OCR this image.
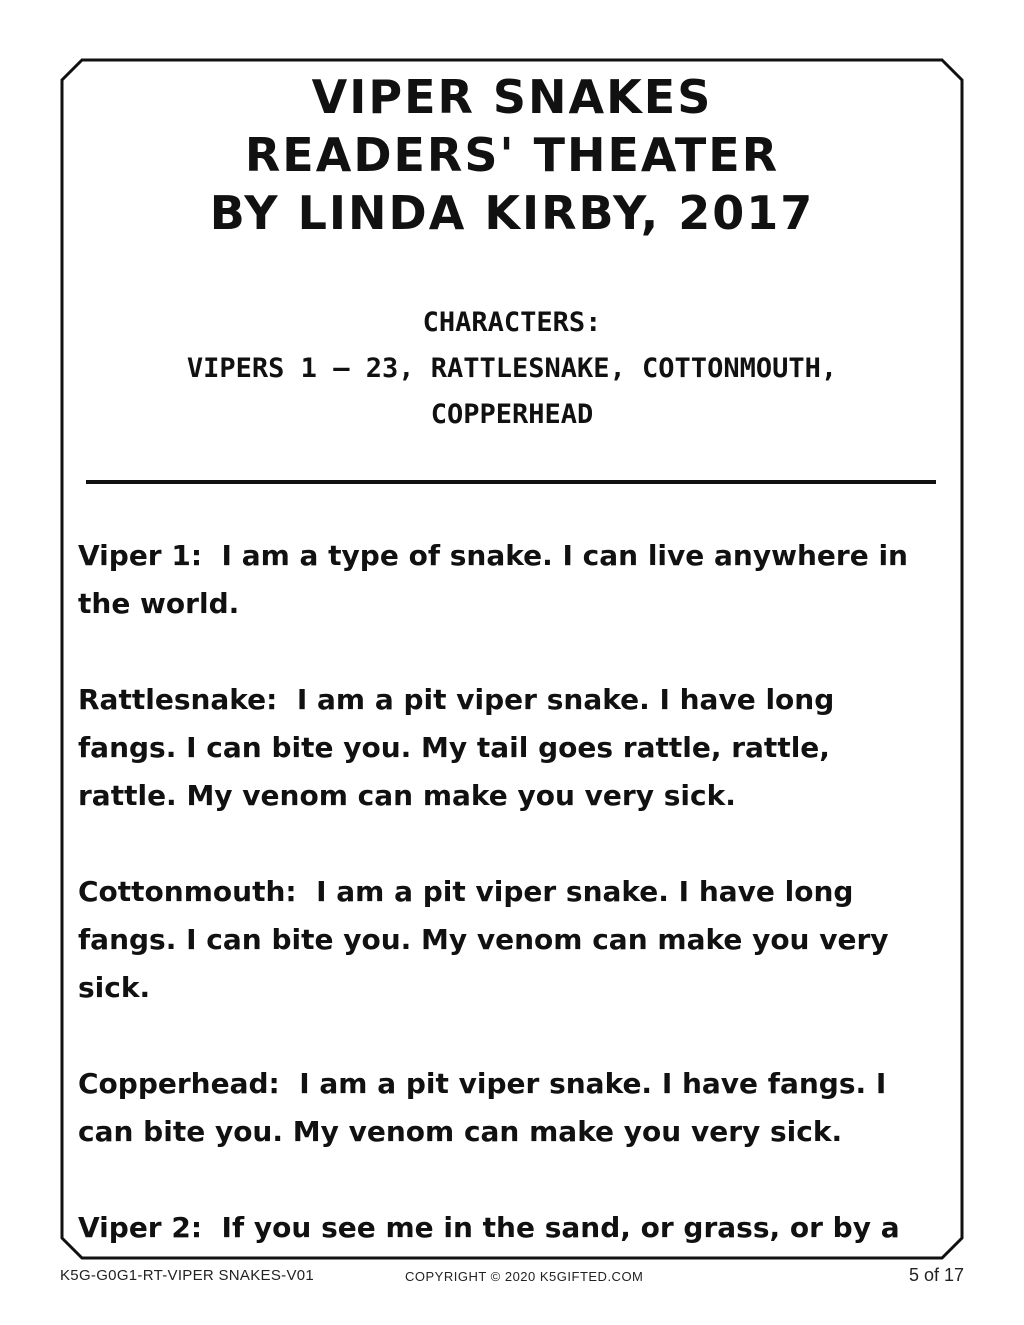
VIPER SNAKES
READERS' THEATER
BY LINDA KIRBY, 2017
CHARACTERS:
VIPERS 1 – 23, RATTLESNAKE, COTTONMOUTH,
COPPERHEAD

Viper 1: I am a type of snake. I can live anywhere in the world.

Rattlesnake: I am a pit viper snake. I have long fangs. I can bite you. My tail goes rattle, rattle, rattle. My venom can make you very sick.

Cottonmouth: I am a pit viper snake. I have long fangs. I can bite you. My venom can make you very sick.

Copperhead: I am a pit viper snake. I have fangs. I can bite you. My venom can make you very sick.

Viper 2: If you see me in the sand, or grass, or by a

K5G-G0G1-RT-VIPER SNAKES-V01	COPYRIGHT © 2020 K5GIFTED.COM	5 of 17
